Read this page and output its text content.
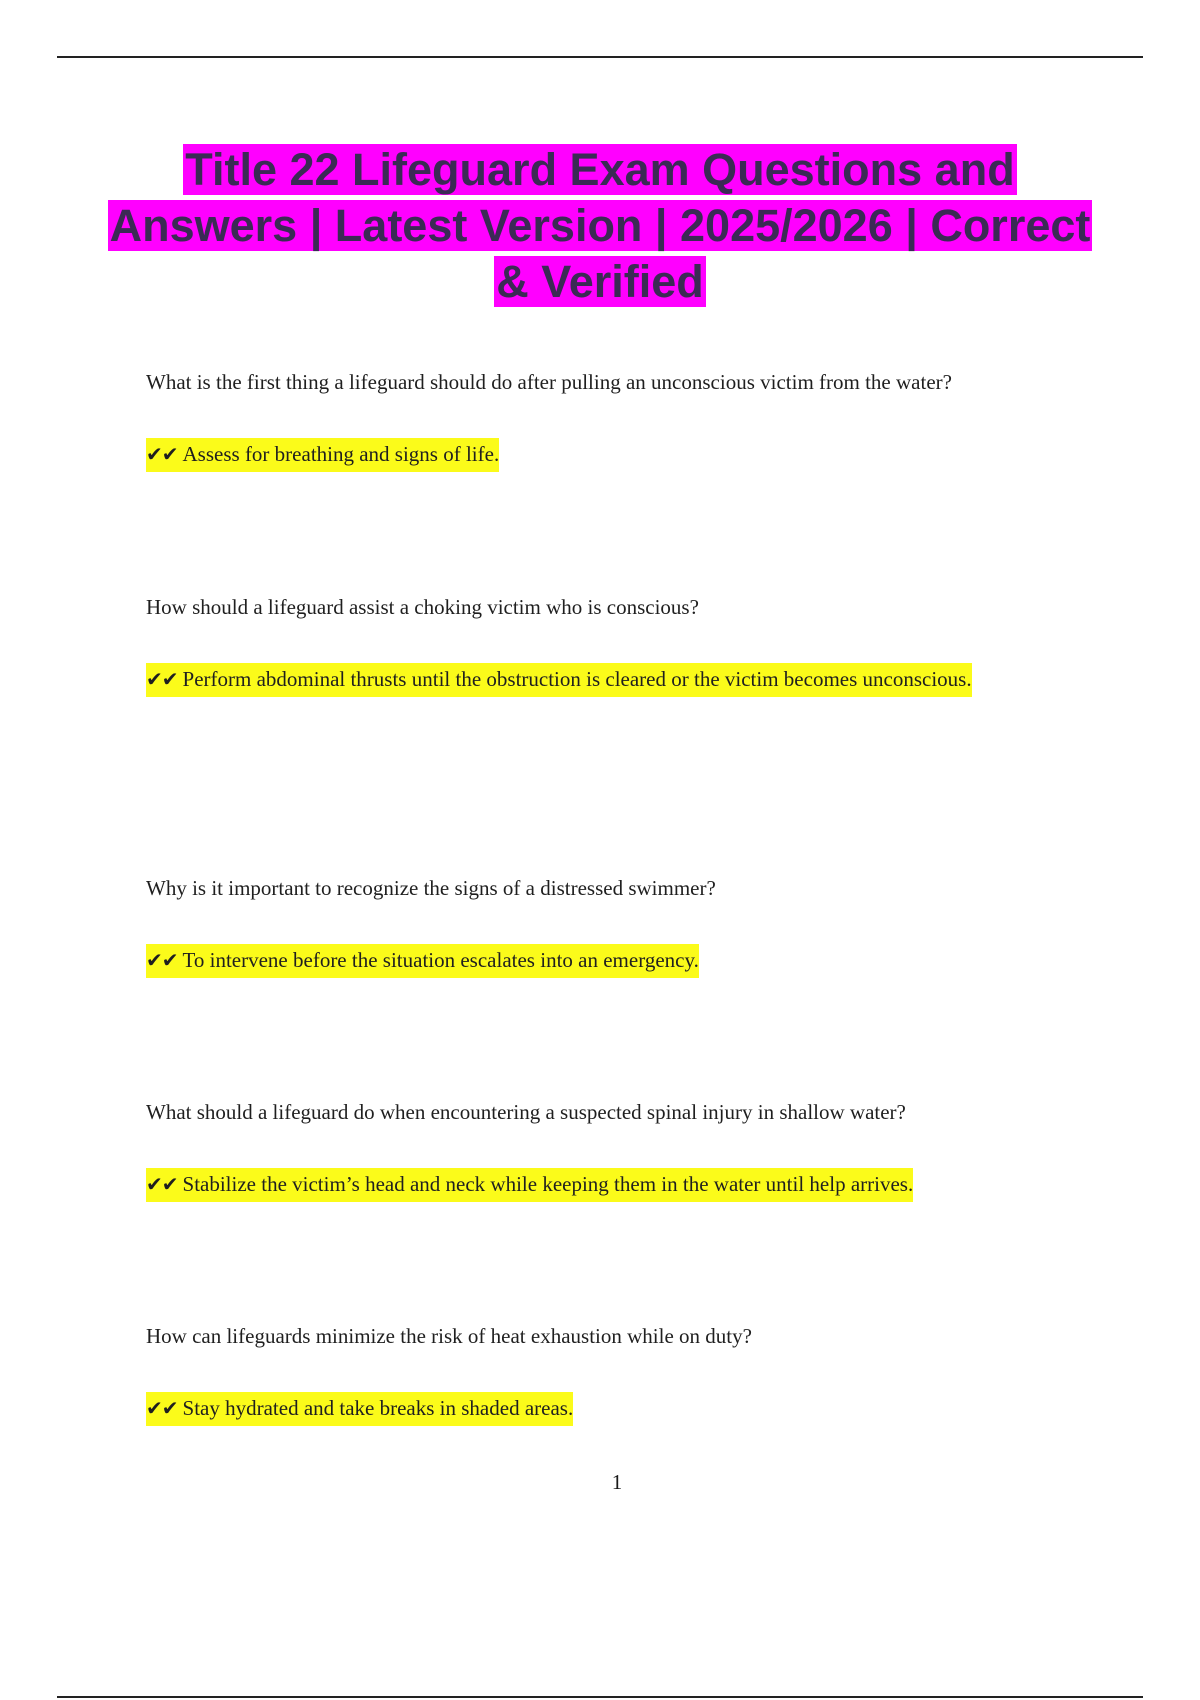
Title 22 Lifeguard Exam Questions and Answers | Latest Version | 2025/2026 | Correct & Verified

What is the first thing a lifeguard should do after pulling an unconscious victim from the water?

✔✔ Assess for breathing and signs of life.

How should a lifeguard assist a choking victim who is conscious?

✔✔ Perform abdominal thrusts until the obstruction is cleared or the victim becomes unconscious.

Why is it important to recognize the signs of a distressed swimmer?

✔✔ To intervene before the situation escalates into an emergency.

What should a lifeguard do when encountering a suspected spinal injury in shallow water?

✔✔ Stabilize the victim’s head and neck while keeping them in the water until help arrives.

How can lifeguards minimize the risk of heat exhaustion while on duty?

✔✔ Stay hydrated and take breaks in shaded areas.

1
